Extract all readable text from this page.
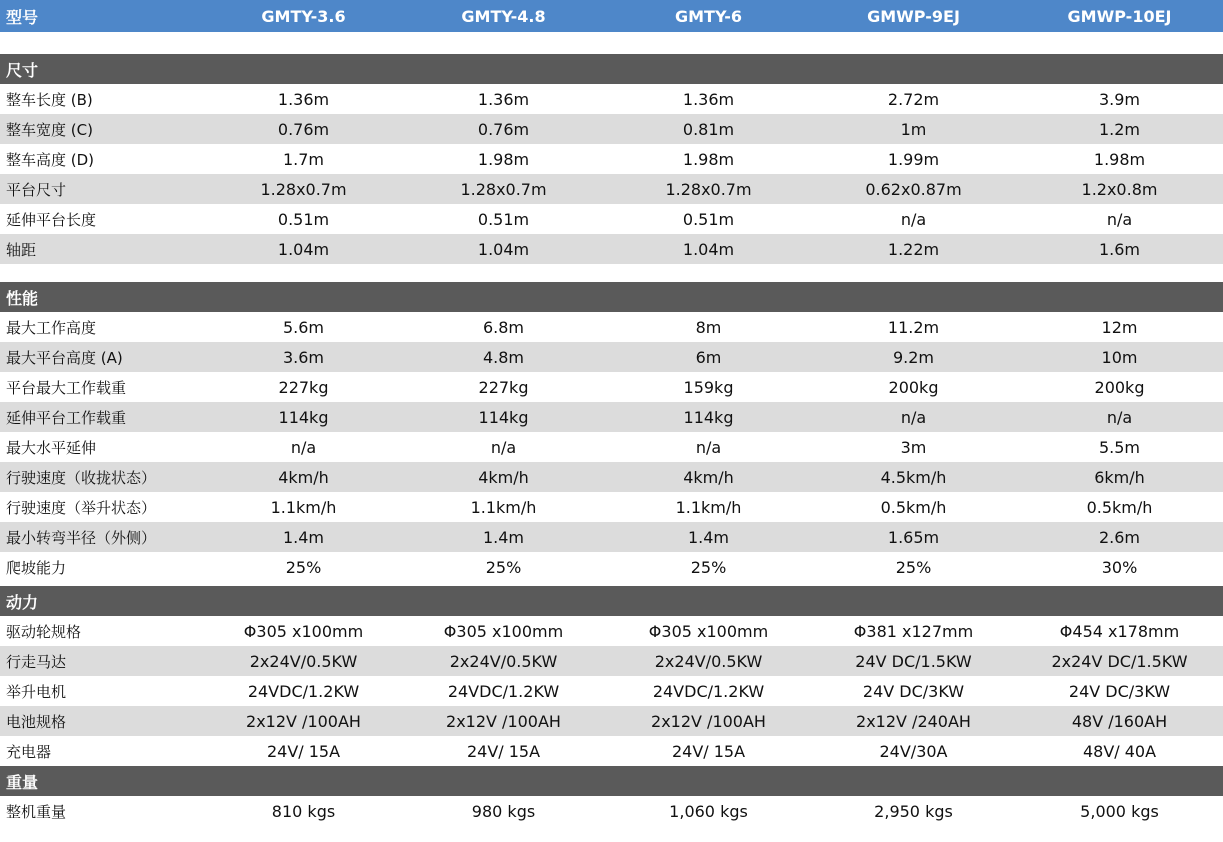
型号	GMTY-3.6	GMTY-4.8	GMTY-6	GMWP-9EJ	GMWP-10EJ
尺寸
整车长度 (B)	1.36m	1.36m	1.36m	2.72m	3.9m
整车宽度 (C)	0.76m	0.76m	0.81m	1m	1.2m
整车高度 (D)	1.7m	1.98m	1.98m	1.99m	1.98m
平台尺寸	1.28x0.7m	1.28x0.7m	1.28x0.7m	0.62x0.87m	1.2x0.8m
延伸平台长度	0.51m	0.51m	0.51m	n/a	n/a
轴距	1.04m	1.04m	1.04m	1.22m	1.6m
性能
最大工作高度	5.6m	6.8m	8m	11.2m	12m
最大平台高度 (A)	3.6m	4.8m	6m	9.2m	10m
平台最大工作载重	227kg	227kg	159kg	200kg	200kg
延伸平台工作载重	114kg	114kg	114kg	n/a	n/a
最大水平延伸	n/a	n/a	n/a	3m	5.5m
行驶速度（收拢状态）	4km/h	4km/h	4km/h	4.5km/h	6km/h
行驶速度（举升状态）	1.1km/h	1.1km/h	1.1km/h	0.5km/h	0.5km/h
最小转弯半径（外侧）	1.4m	1.4m	1.4m	1.65m	2.6m
爬坡能力	25%	25%	25%	25%	30%
动力
驱动轮规格	Φ305 x100mm	Φ305 x100mm	Φ305 x100mm	Φ381 x127mm	Φ454 x178mm
行走马达	2x24V/0.5KW	2x24V/0.5KW	2x24V/0.5KW	24V DC/1.5KW	2x24V DC/1.5KW
举升电机	24VDC/1.2KW	24VDC/1.2KW	24VDC/1.2KW	24V DC/3KW	24V DC/3KW
电池规格	2x12V /100AH	2x12V /100AH	2x12V /100AH	2x12V /240AH	48V /160AH
充电器	24V/ 15A	24V/ 15A	24V/ 15A	24V/30A	48V/ 40A
重量
整机重量	810 kgs	980 kgs	1,060 kgs	2,950 kgs	5,000 kgs
